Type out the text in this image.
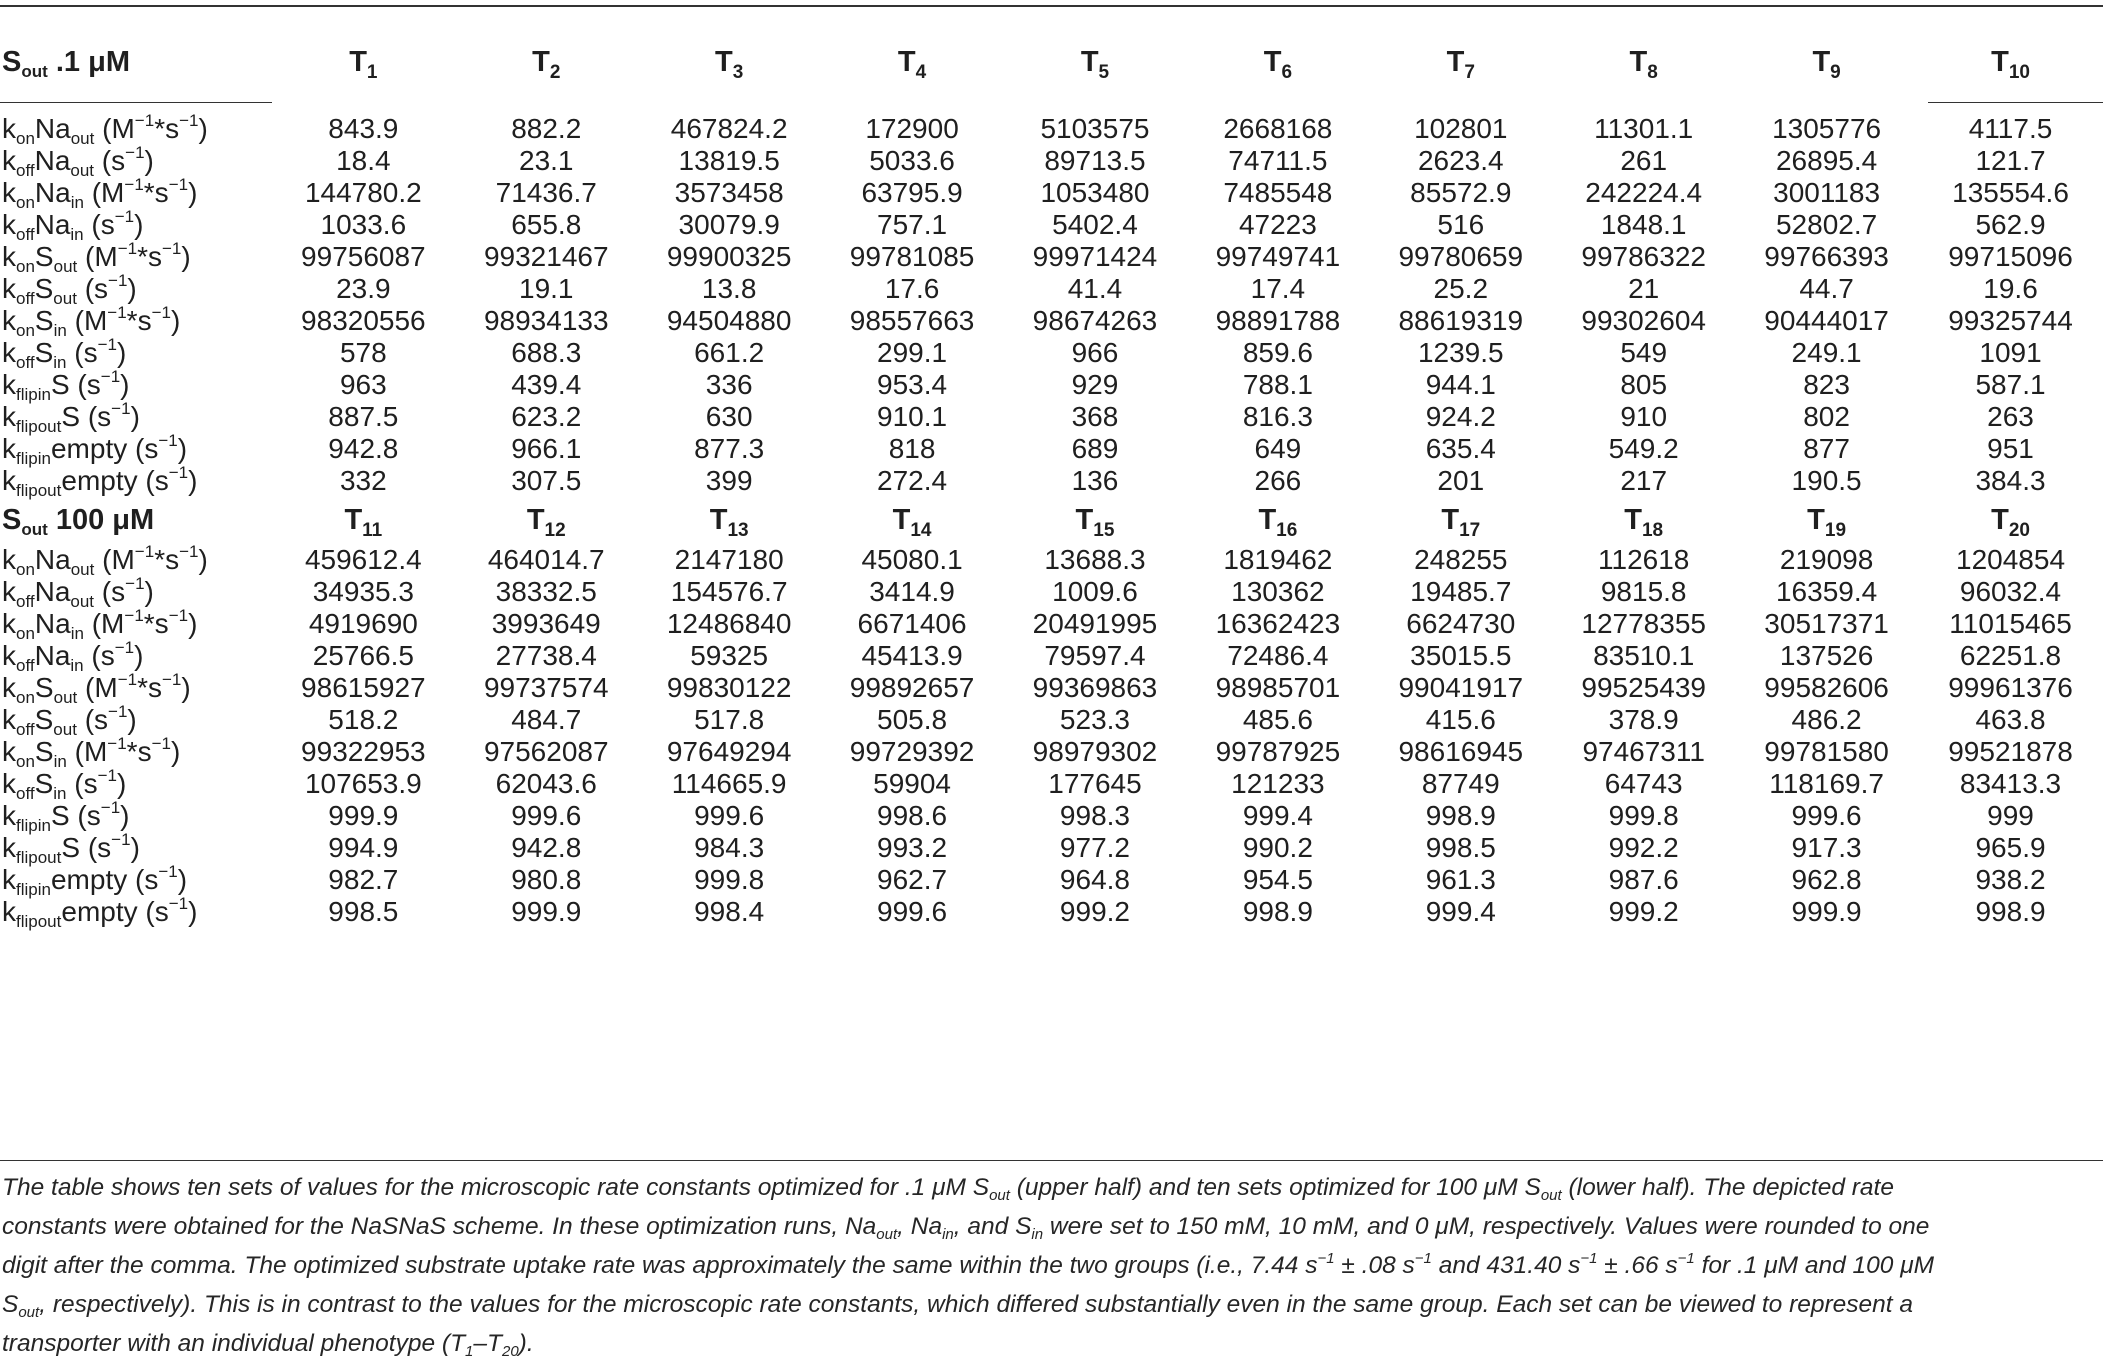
$S_{out}$ .1 μM	$T_1$	$T_2$	$T_3$	$T_4$	$T_5$	$T_6$	$T_7$	$T_8$	$T_9$	$T_{10}$

$k_{on}Na_{out}$ $(M^{-1}*s^{-1})$	843.9	882.2	467824.2	172900	5103575	2668168	102801	11301.1	1305776	4117.5
$k_{off}Na_{out}$ $(s^{-1})$	18.4	23.1	13819.5	5033.6	89713.5	74711.5	2623.4	261	26895.4	121.7
$k_{on}Na_{in}$ $(M^{-1}*s^{-1})$	144780.2	71436.7	3573458	63795.9	1053480	7485548	85572.9	242224.4	3001183	135554.6
$k_{off}Na_{in}$ $(s^{-1})$	1033.6	655.8	30079.9	757.1	5402.4	47223	516	1848.1	52802.7	562.9
$k_{on}S_{out}$ $(M^{-1}*s^{-1})$	99756087	99321467	99900325	99781085	99971424	99749741	99780659	99786322	99766393	99715096
$k_{off}S_{out}$ $(s^{-1})$	23.9	19.1	13.8	17.6	41.4	17.4	25.2	21	44.7	19.6
$k_{on}S_{in}$ $(M^{-1}*s^{-1})$	98320556	98934133	94504880	98557663	98674263	98891788	88619319	99302604	90444017	99325744
$k_{off}S_{in}$ $(s^{-1})$	578	688.3	661.2	299.1	966	859.6	1239.5	549	249.1	1091
$k_{flipin}S$ $(s^{-1})$	963	439.4	336	953.4	929	788.1	944.1	805	823	587.1
$k_{flipout}S$ $(s^{-1})$	887.5	623.2	630	910.1	368	816.3	924.2	910	802	263
$k_{flipin}empty$ $(s^{-1})$	942.8	966.1	877.3	818	689	649	635.4	549.2	877	951
$k_{flipout}empty$ $(s^{-1})$	332	307.5	399	272.4	136	266	201	217	190.5	384.3
$S_{out}$ 100 μM	$T_{11}$	$T_{12}$	$T_{13}$	$T_{14}$	$T_{15}$	$T_{16}$	$T_{17}$	$T_{18}$	$T_{19}$	$T_{20}$
$k_{on}Na_{out}$ $(M^{-1}*s^{-1})$	459612.4	464014.7	2147180	45080.1	13688.3	1819462	248255	112618	219098	1204854
$k_{off}Na_{out}$ $(s^{-1})$	34935.3	38332.5	154576.7	3414.9	1009.6	130362	19485.7	9815.8	16359.4	96032.4
$k_{on}Na_{in}$ $(M^{-1}*s^{-1})$	4919690	3993649	12486840	6671406	20491995	16362423	6624730	12778355	30517371	11015465
$k_{off}Na_{in}$ $(s^{-1})$	25766.5	27738.4	59325	45413.9	79597.4	72486.4	35015.5	83510.1	137526	62251.8
$k_{on}S_{out}$ $(M^{-1}*s^{-1})$	98615927	99737574	99830122	99892657	99369863	98985701	99041917	99525439	99582606	99961376
$k_{off}S_{out}$ $(s^{-1})$	518.2	484.7	517.8	505.8	523.3	485.6	415.6	378.9	486.2	463.8
$k_{on}S_{in}$ $(M^{-1}*s^{-1})$	99322953	97562087	97649294	99729392	98979302	99787925	98616945	97467311	99781580	99521878
$k_{off}S_{in}$ $(s^{-1})$	107653.9	62043.6	114665.9	59904	177645	121233	87749	64743	118169.7	83413.3
$k_{flipin}S$ $(s^{-1})$	999.9	999.6	999.6	998.6	998.3	999.4	998.9	999.8	999.6	999
$k_{flipout}S$ $(s^{-1})$	994.9	942.8	984.3	993.2	977.2	990.2	998.5	992.2	917.3	965.9
$k_{flipin}empty$ $(s^{-1})$	982.7	980.8	999.8	962.7	964.8	954.5	961.3	987.6	962.8	938.2
$k_{flipout}empty$ $(s^{-1})$	998.5	999.9	998.4	999.6	999.2	998.9	999.4	999.2	999.9	998.9
The table shows ten sets of values for the microscopic rate constants optimized for .1 μM $S_{out}$ (upper half) and ten sets optimized for 100 μM $S_{out}$ (lower half). The depicted rate
constants were obtained for the NaSNaS scheme. In these optimization runs, $Na_{out}$, $Na_{in}$, and $S_{in}$ were set to 150 mM, 10 mM, and 0 μM, respectively. Values were rounded to one
digit after the comma. The optimized substrate uptake rate was approximately the same within the two groups (i.e., 7.44 $s^{-1} \pm .08$ $s^{-1}$ and 431.40 $s^{-1} \pm .66$ $s^{-1}$ for .1 μM and 100 μM
$S_{out}$, respectively). This is in contrast to the values for the microscopic rate constants, which differed substantially even in the same group. Each set can be viewed to represent a
transporter with an individual phenotype $(T_1-T_{20})$.
